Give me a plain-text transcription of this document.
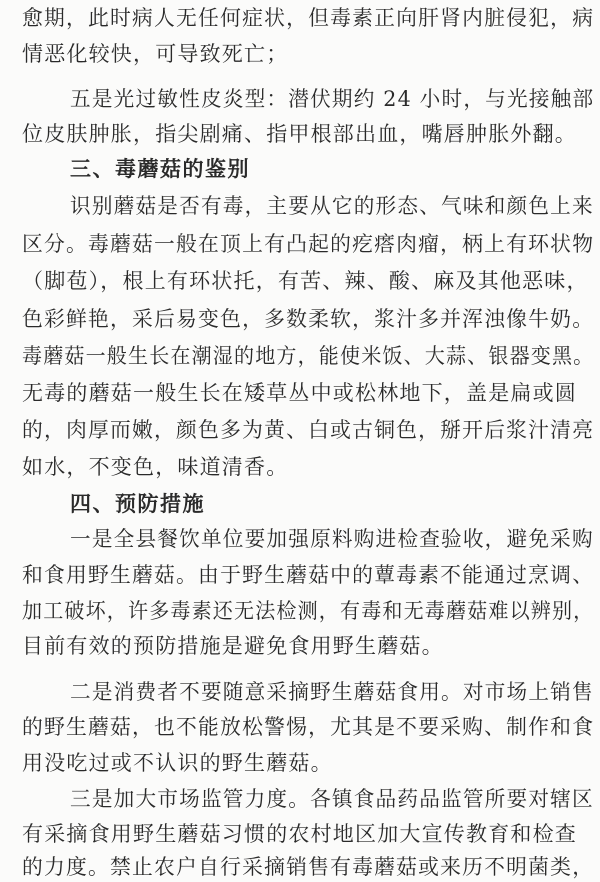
愈期，此时病人无任何症状，但毒素正向肝肾内脏侵犯，病
情恶化较快，可导致死亡；
五是光过敏性皮炎型：潜伏期约 24 小时，与光接触部
位皮肤肿胀，指尖剧痛、指甲根部出血，嘴唇肿胀外翻。
三、毒蘑菇的鉴别
识别蘑菇是否有毒，主要从它的形态、气味和颜色上来
区分。毒蘑菇一般在顶上有凸起的疙瘩肉瘤，柄上有环状物
（脚苞），根上有环状托，有苦、辣、酸、麻及其他恶味，
色彩鲜艳，采后易变色，多数柔软，浆汁多并浑浊像牛奶。
毒蘑菇一般生长在潮湿的地方，能使米饭、大蒜、银器变黑。
无毒的蘑菇一般生长在矮草丛中或松林地下，盖是扁或圆
的，肉厚而嫩，颜色多为黄、白或古铜色，掰开后浆汁清亮
如水，不变色，味道清香。
四、预防措施
一是全县餐饮单位要加强原料购进检查验收，避免采购
和食用野生蘑菇。由于野生蘑菇中的蕈毒素不能通过烹调、
加工破坏，许多毒素还无法检测，有毒和无毒蘑菇难以辨别，
目前有效的预防措施是避免食用野生蘑菇。
二是消费者不要随意采摘野生蘑菇食用。对市场上销售
的野生蘑菇，也不能放松警惕，尤其是不要采购、制作和食
用没吃过或不认识的野生蘑菇。
三是加大市场监管力度。各镇食品药品监管所要对辖区
有采摘食用野生蘑菇习惯的农村地区加大宣传教育和检查
的力度。禁止农户自行采摘销售有毒蘑菇或来历不明菌类，
